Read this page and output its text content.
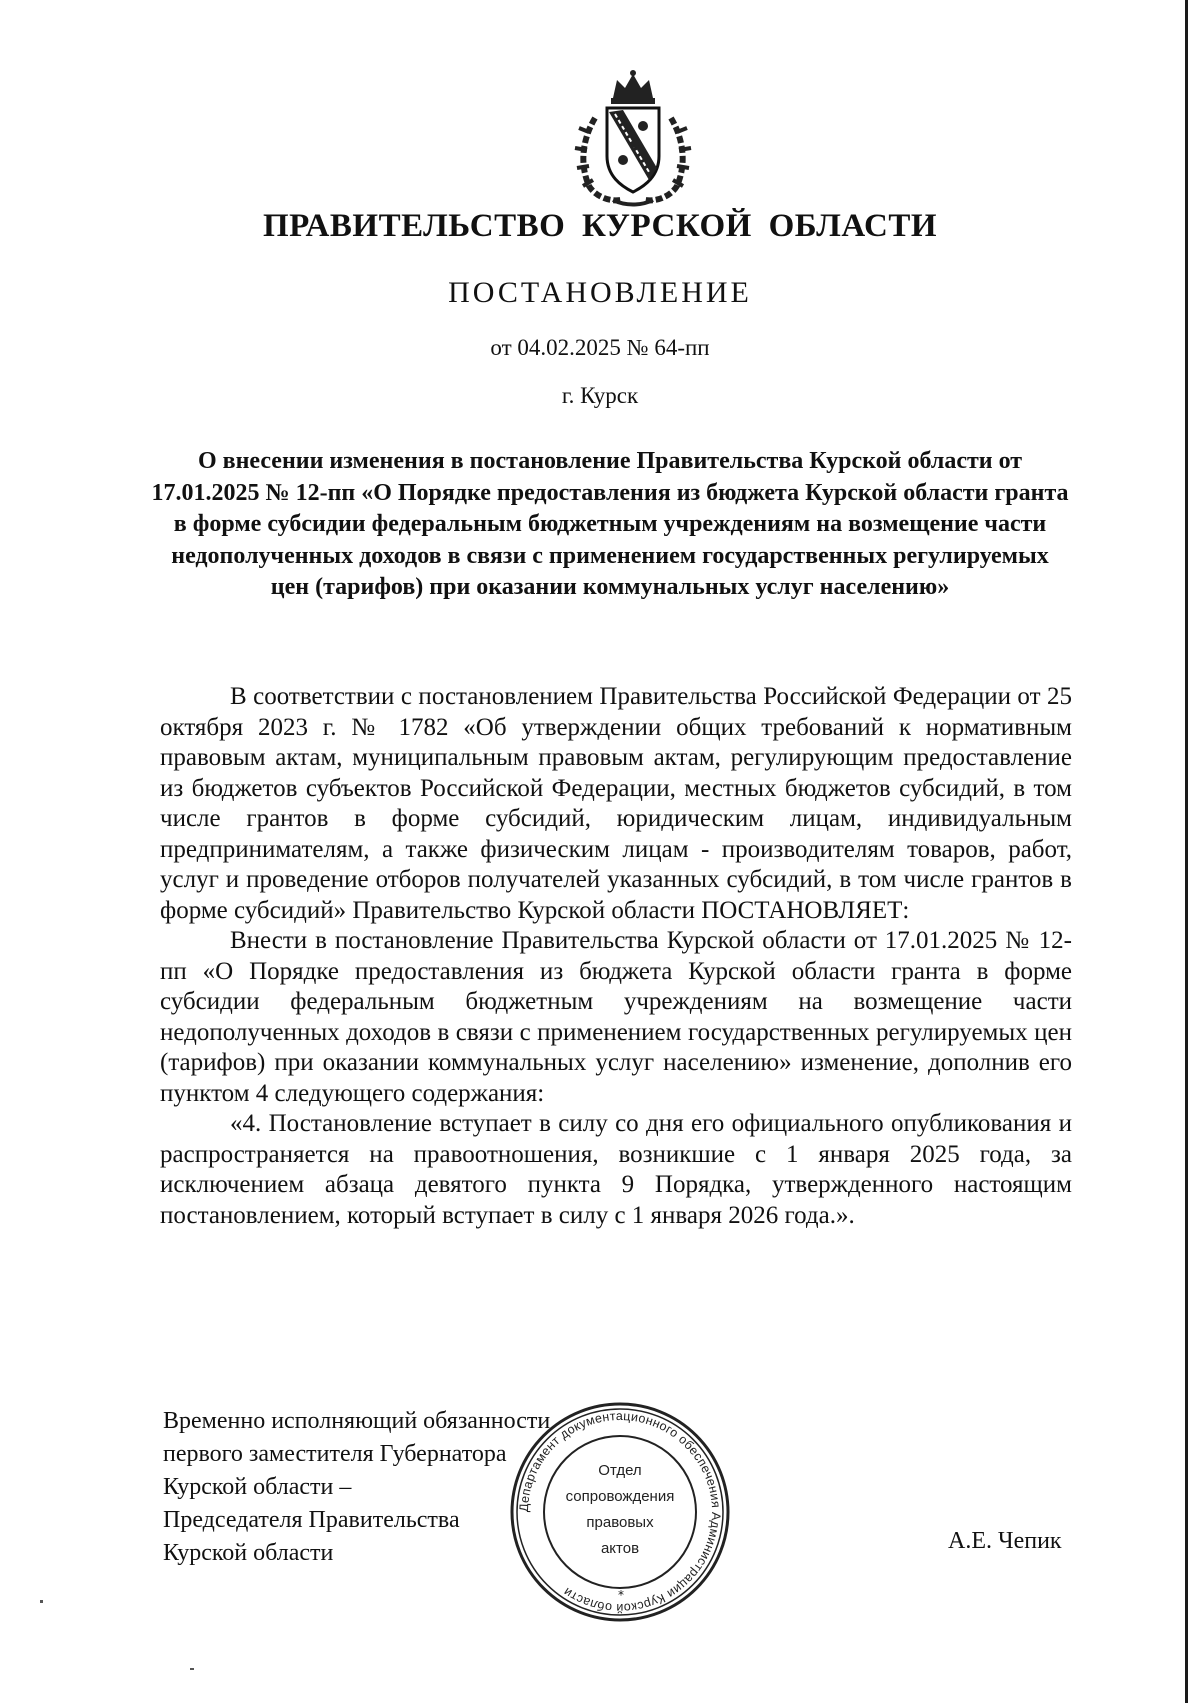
ПРАВИТЕЛЬСТВО КУРСКОЙ ОБЛАСТИ
ПОСТАНОВЛЕНИЕ
от 04.02.2025 № 64-пп
г. Курск
О внесении изменения в постановление Правительства Курской области от 17.01.2025 № 12-пп «О Порядке предоставления из бюджета Курской области гранта в форме субсидии федеральным бюджетным учреждениям на возмещение части недополученных доходов в связи с применением государственных регулируемых цен (тарифов) при оказании коммунальных услуг населению»

В соответствии с постановлением Правительства Российской Федерации от 25 октября 2023 г. № 1782 «Об утверждении общих требований к нормативным правовым актам, муниципальным правовым актам, регулирующим предоставление из бюджетов субъектов Российской Федерации, местных бюджетов субсидий, в том числе грантов в форме субсидий, юридическим лицам, индивидуальным предпринимателям, а также физическим лицам - производителям товаров, работ, услуг и проведение отборов получателей указанных субсидий, в том числе грантов в форме субсидий» Правительство Курской области ПОСТАНОВЛЯЕТ:

Внести в постановление Правительства Курской области от 17.01.2025 № 12-пп «О Порядке предоставления из бюджета Курской области гранта в форме субсидии федеральным бюджетным учреждениям на возмещение части недополученных доходов в связи с применением государственных регулируемых цен (тарифов) при оказании коммунальных услуг населению» изменение, дополнив его пунктом 4 следующего содержания:

«4. Постановление вступает в силу со дня его официального опубликования и распространяется на правоотношения, возникшие с 1 января 2025 года, за исключением абзаца девятого пункта 9 Порядка, утвержденного настоящим постановлением, который вступает в силу с 1 января 2026 года.».

Временно исполняющий обязанности
первого заместителя Губернатора
Курской области –
Председателя Правительства
Курской области
Департамент документационного обеспечения Администрации Курской области
Отдел
сопровождения
правовых
актов
*
А.Е. Чепик
